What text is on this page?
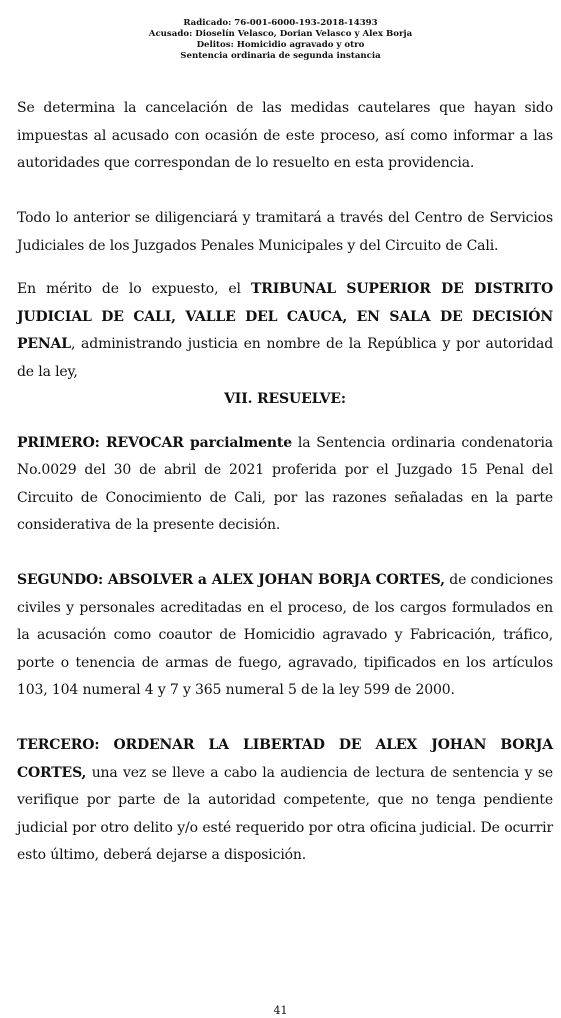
Radicado: 76-001-6000-193-2018-14393
Acusado: Dioselín Velasco, Dorian Velasco y Alex Borja
Delitos: Homicidio agravado y otro
Sentencia ordinaria de segunda instancia

Se determina la cancelación de las medidas cautelares que hayan sido impuestas al acusado con ocasión de este proceso, así como informar a las autoridades que correspondan de lo resuelto en esta providencia.

Todo lo anterior se diligenciará y tramitará a través del Centro de Servicios Judiciales de los Juzgados Penales Municipales y del Circuito de Cali.

En mérito de lo expuesto, el TRIBUNAL SUPERIOR DE DISTRITO JUDICIAL DE CALI, VALLE DEL CAUCA, EN SALA DE DECISIÓN PENAL, administrando justicia en nombre de la República y por autoridad de la ley,

VII. RESUELVE:

PRIMERO: REVOCAR parcialmente la Sentencia ordinaria condenatoria No.0029 del 30 de abril de 2021 proferida por el Juzgado 15 Penal del Circuito de Conocimiento de Cali, por las razones señaladas en la parte considerativa de la presente decisión.

SEGUNDO: ABSOLVER a ALEX JOHAN BORJA CORTES, de condiciones civiles y personales acreditadas en el proceso, de los cargos formulados en la acusación como coautor de Homicidio agravado y Fabricación, tráfico, porte o tenencia de armas de fuego, agravado, tipificados en los artículos 103, 104 numeral 4 y 7 y 365 numeral 5 de la ley 599 de 2000.

TERCERO: ORDENAR LA LIBERTAD DE ALEX JOHAN BORJA CORTES, una vez se lleve a cabo la audiencia de lectura de sentencia y se verifique por parte de la autoridad competente, que no tenga pendiente judicial por otro delito y/o esté requerido por otra oficina judicial. De ocurrir esto último, deberá dejarse a disposición.

41
